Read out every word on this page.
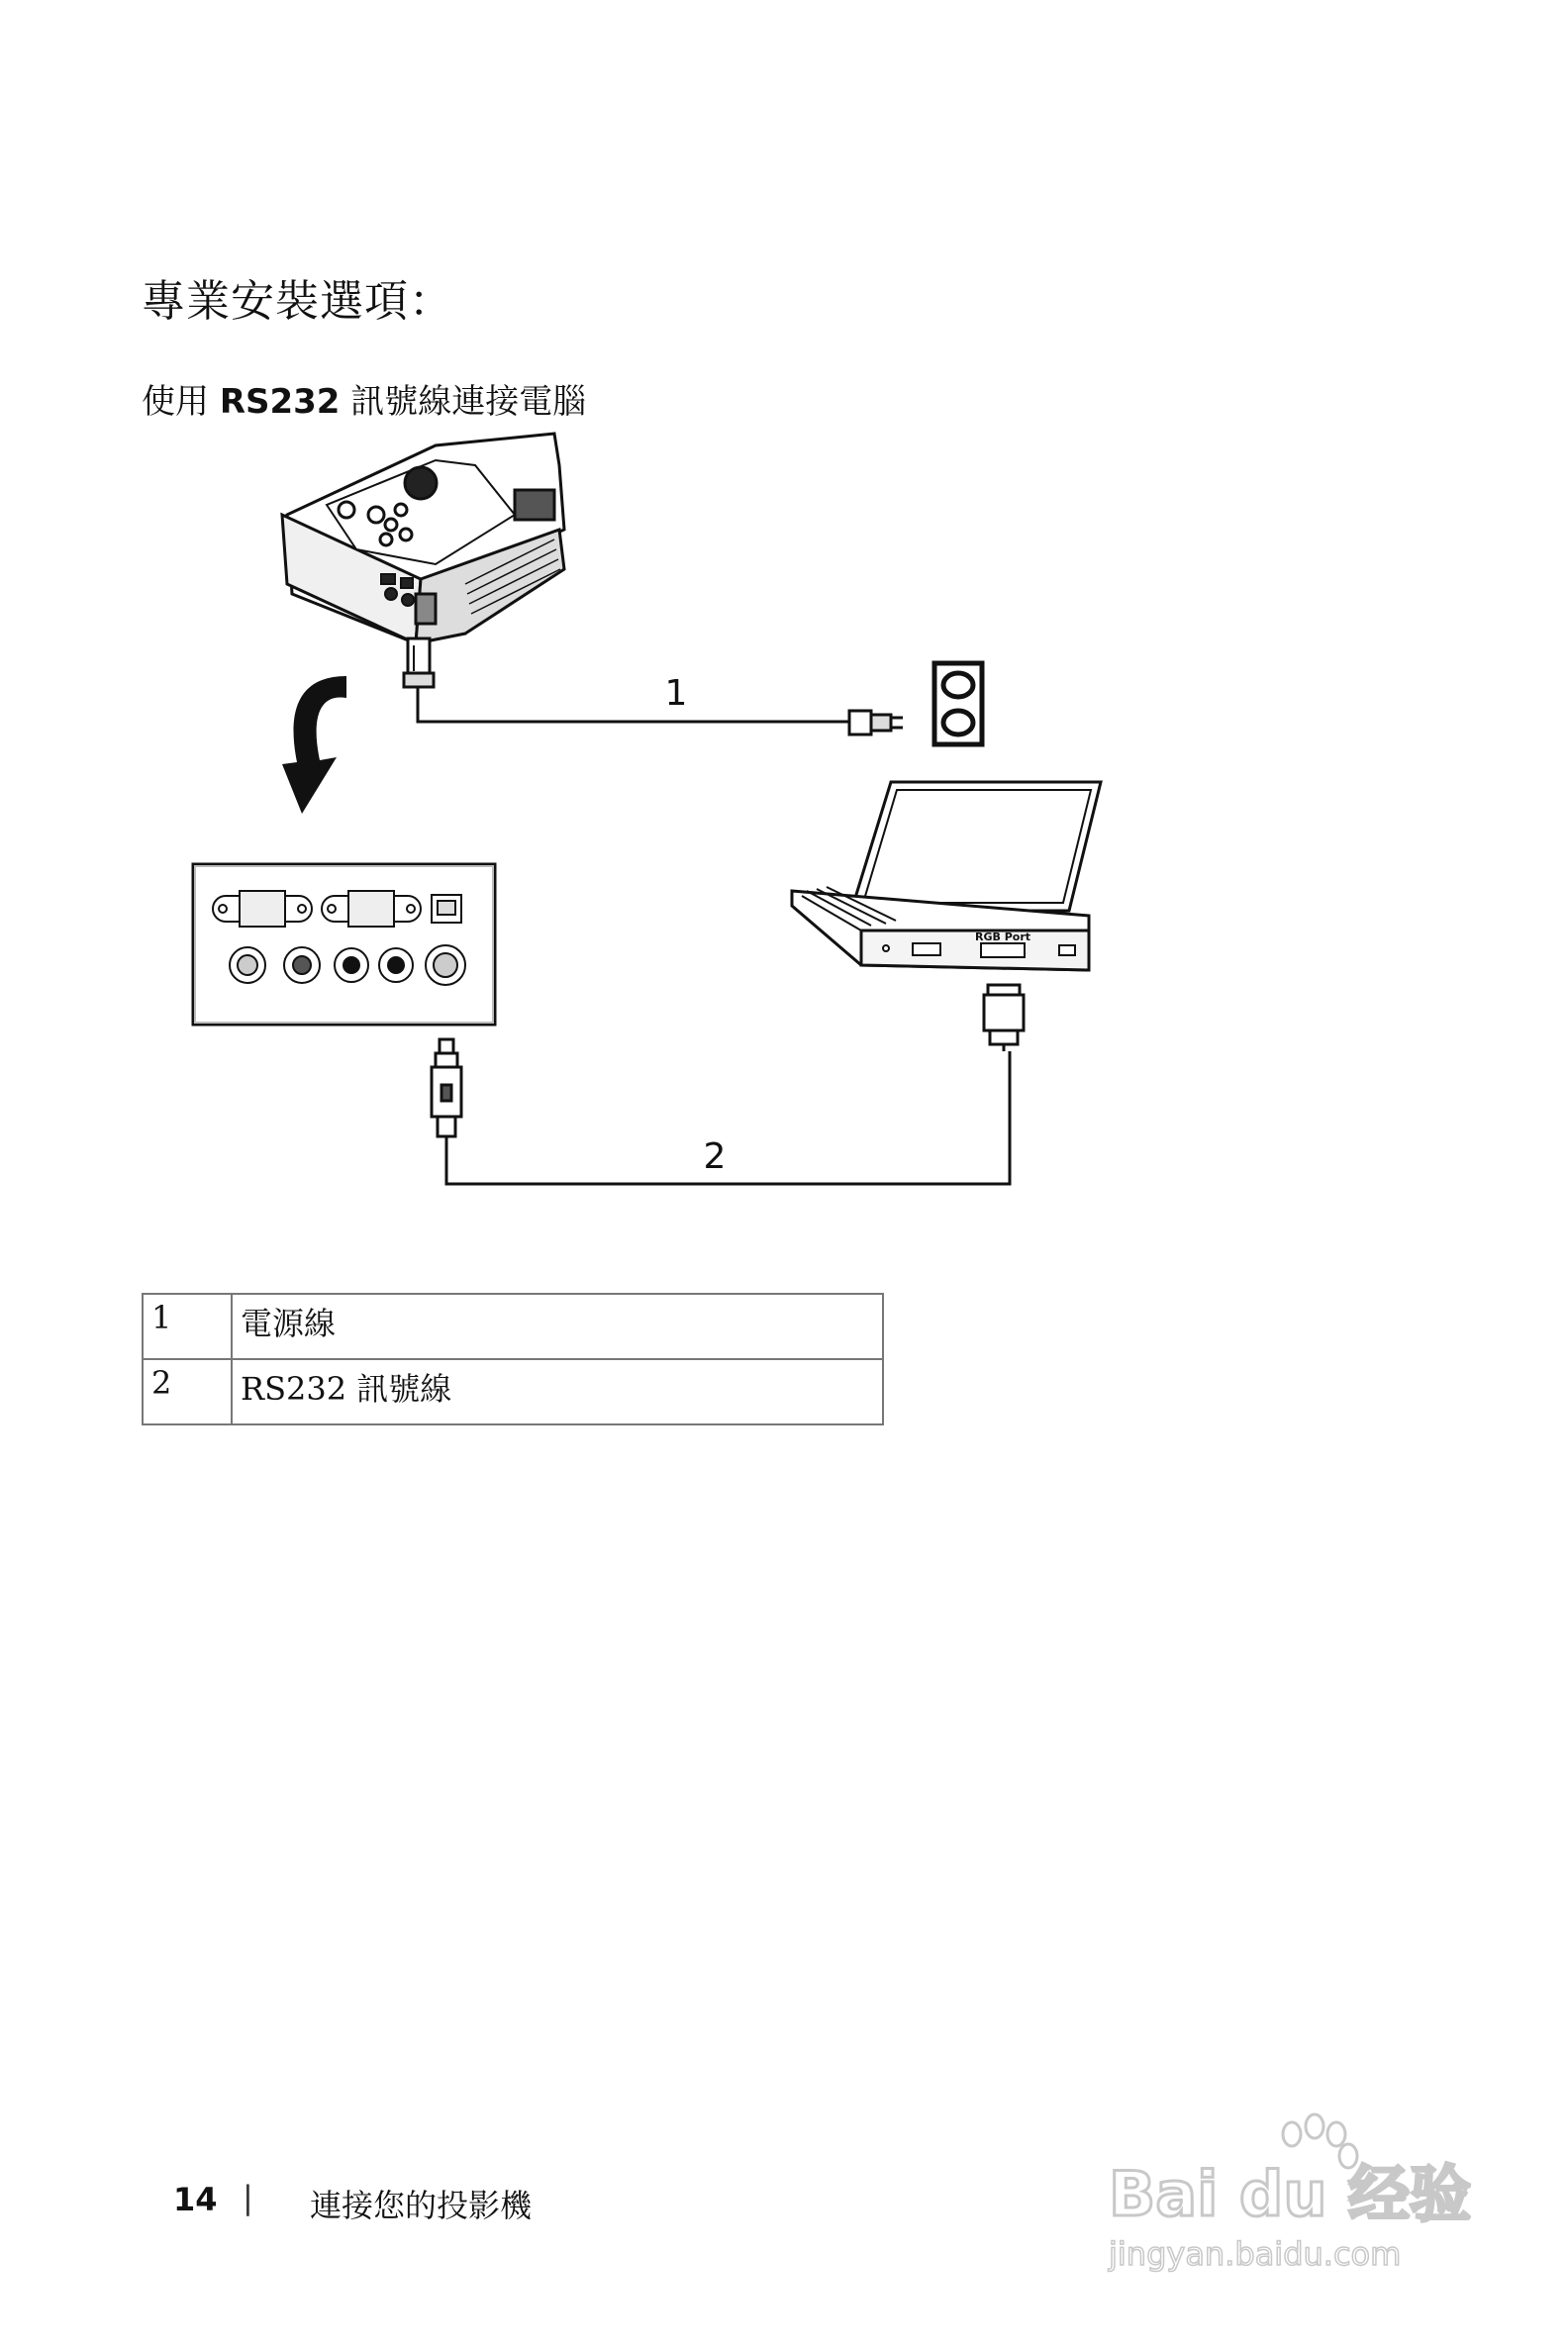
專業安裝選項：
使用 RS232 訊號線連接電腦
RGB Port
1
2
1	電源線
2	RS232 訊號線
14 | 連接您的投影機	Bai du 经验
jingyan.baidu.com
